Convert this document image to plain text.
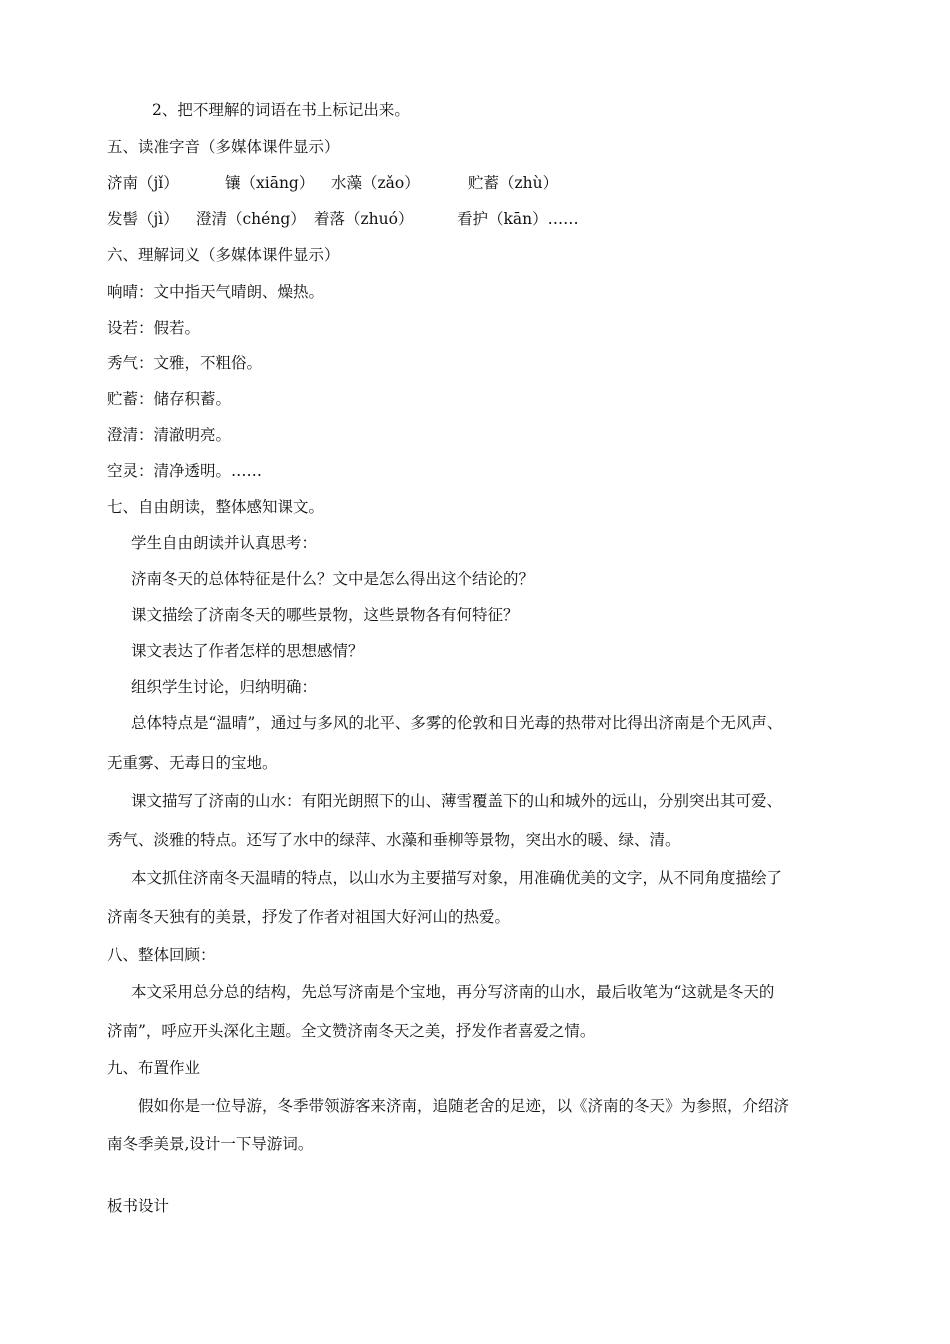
2、把不理解的词语在书上标记出来。
五、读准字音（多媒体课件显示）
济南（jǐ）	镶（xiāng） 水藻（zǎo）	贮蓄（zhù）
发髻（jì） 澄清（chéng） 着落（zhuó）	看护（kān）……
六、理解词义（多媒体课件显示）
响晴：文中指天气晴朗、燥热。
设若：假若。
秀气：文雅，不粗俗。
贮蓄：储存积蓄。
澄清：清澈明亮。
空灵：清净透明。……
七、自由朗读，整体感知课文。
学生自由朗读并认真思考：
济南冬天的总体特征是什么？文中是怎么得出这个结论的？
课文描绘了济南冬天的哪些景物，这些景物各有何特征？
课文表达了作者怎样的思想感情？
组织学生讨论，归纳明确：
总体特点是“温晴”，通过与多风的北平、多雾的伦敦和日光毒的热带对比得出济南是个无风声、
无重雾、无毒日的宝地。
课文描写了济南的山水：有阳光朗照下的山、薄雪覆盖下的山和城外的远山，分别突出其可爱、
秀气、淡雅的特点。还写了水中的绿萍、水藻和垂柳等景物，突出水的暖、绿、清。
本文抓住济南冬天温晴的特点，以山水为主要描写对象，用准确优美的文字，从不同角度描绘了
济南冬天独有的美景，抒发了作者对祖国大好河山的热爱。
八、整体回顾：
本文采用总分总的结构，先总写济南是个宝地，再分写济南的山水，最后收笔为“这就是冬天的
济南”，呼应开头深化主题。全文赞济南冬天之美，抒发作者喜爱之情。
九、布置作业
假如你是一位导游，冬季带领游客来济南，追随老舍的足迹，以《济南的冬天》为参照，介绍济
南冬季美景,设计一下导游词。
板书设计
